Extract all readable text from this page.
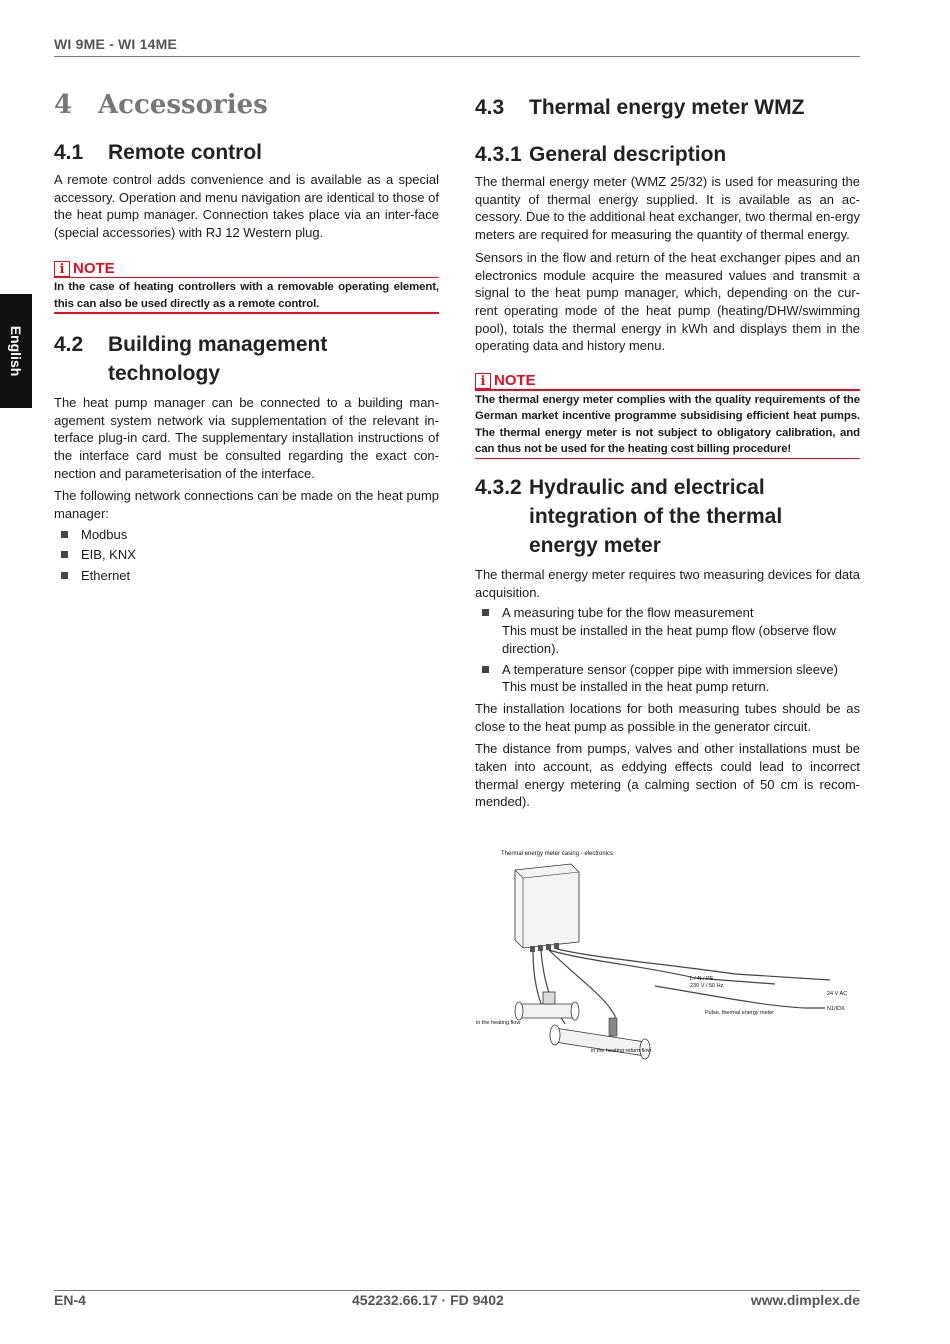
WI 9ME - WI 14ME
English
4 Accessories
4.1	Remote control

A remote control adds convenience and is available as a special accessory. Operation and menu navigation are identical to those of the heat pump manager. Connection takes place via an inter-face (special accessories) with RJ 12 Western plug.

i NOTE
In the case of heating controllers with a removable operating element, this can also be used directly as a remote control.
4.2	Building management
technology

The heat pump manager can be connected to a building man-agement system network via supplementation of the relevant in-terface plug-in card. The supplementary installation instructions of the interface card must be consulted regarding the exact con-nection and parameterisation of the interface.

The following network connections can be made on the heat pump manager:

Modbus
EIB, KNX
Ethernet
4.3	Thermal energy meter WMZ
4.3.1 General description

The thermal energy meter (WMZ 25/32) is used for measuring the quantity of thermal energy supplied. It is available as an ac-cessory. Due to the additional heat exchanger, two thermal en-ergy meters are required for measuring the quantity of thermal energy.

Sensors in the flow and return of the heat exchanger pipes and an electronics module acquire the measured values and transmit a signal to the heat pump manager, which, depending on the cur-rent operating mode of the heat pump (heating/DHW/swimming pool), totals the thermal energy in kWh and displays them in the operating data and history menu.

i NOTE
The thermal energy meter complies with the quality requirements of the German market incentive programme subsidising efficient heat pumps. The thermal energy meter is not subject to obligatory calibration, and can thus not be used for the heating cost billing procedure!
4.3.2 Hydraulic and electrical
integration of the thermal
energy meter

The thermal energy meter requires two measuring devices for data acquisition.

A measuring tube for the flow measurement
This must be installed in the heat pump flow (observe flow direction).
A temperature sensor (copper pipe with immersion sleeve)
This must be installed in the heat pump return.

The installation locations for both measuring tubes should be as close to the heat pump as possible in the generator circuit.

The distance from pumps, valves and other installations must be taken into account, as eddying effects could lead to incorrect thermal energy metering (a calming section of 50 cm is recom-mended).

Thermal energy meter casing - electronics
L / N / PE
230 V / 50 Hz
24 V AC
N1/IDX
Pulse, thermal energy meter
in the heating flow
in the heating return flow
EN-4	452232.66.17 · FD 9402	www.dimplex.de
